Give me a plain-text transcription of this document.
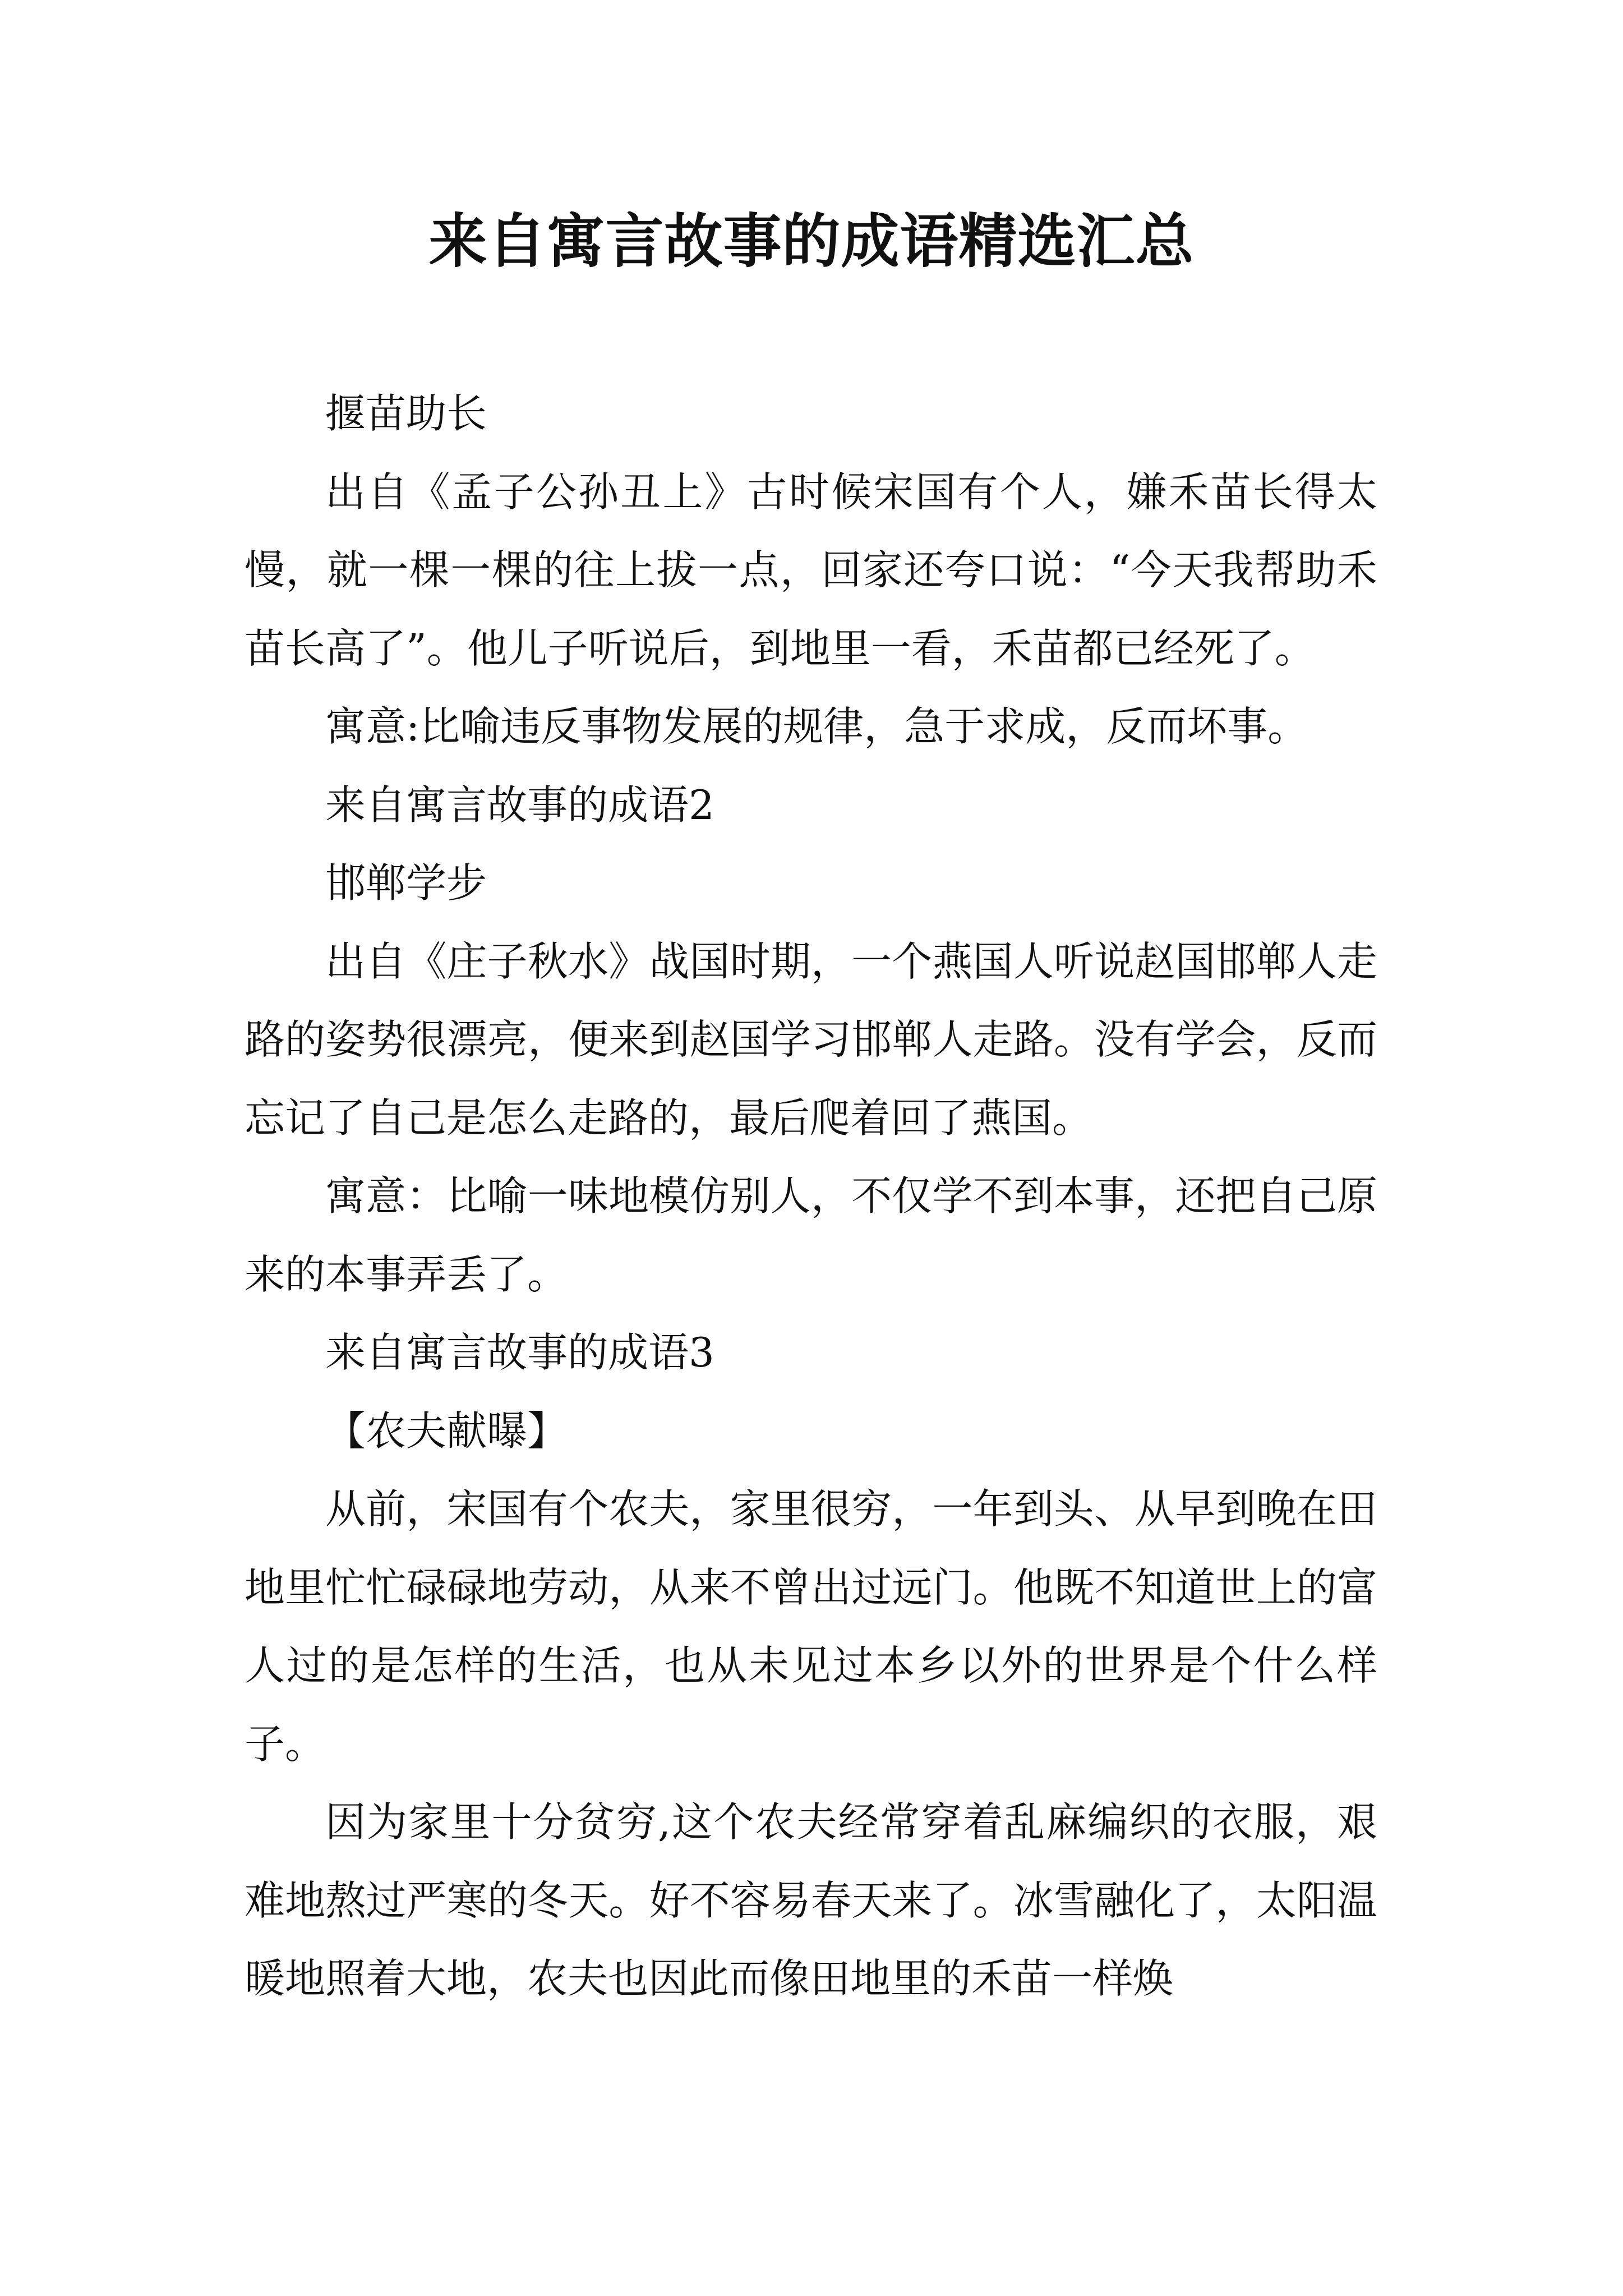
来自寓言故事的成语精选汇总

揠苗助长

出自《孟子公孙丑上》古时候宋国有个人，嫌禾苗长得太慢，就一棵一棵的往上拔一点，回家还夸口说：“今天我帮助禾苗长高了”。他儿子听说后，到地里一看，禾苗都已经死了。

寓意:比喻违反事物发展的规律，急于求成，反而坏事。

来自寓言故事的成语2

邯郸学步

出自《庄子秋水》战国时期，一个燕国人听说赵国邯郸人走路的姿势很漂亮，便来到赵国学习邯郸人走路。没有学会，反而忘记了自己是怎么走路的，最后爬着回了燕国。

寓意：比喻一味地模仿别人，不仅学不到本事，还把自己原来的本事弄丢了。

来自寓言故事的成语3

【农夫献曝】

从前，宋国有个农夫，家里很穷，一年到头、从早到晚在田地里忙忙碌碌地劳动，从来不曾出过远门。他既不知道世上的富人过的是怎样的生活，也从未见过本乡以外的世界是个什么样子。

因为家里十分贫穷,这个农夫经常穿着乱麻编织的衣服，艰难地熬过严寒的冬天。好不容易春天来了。冰雪融化了，太阳温暖地照着大地，农夫也因此而像田地里的禾苗一样焕
